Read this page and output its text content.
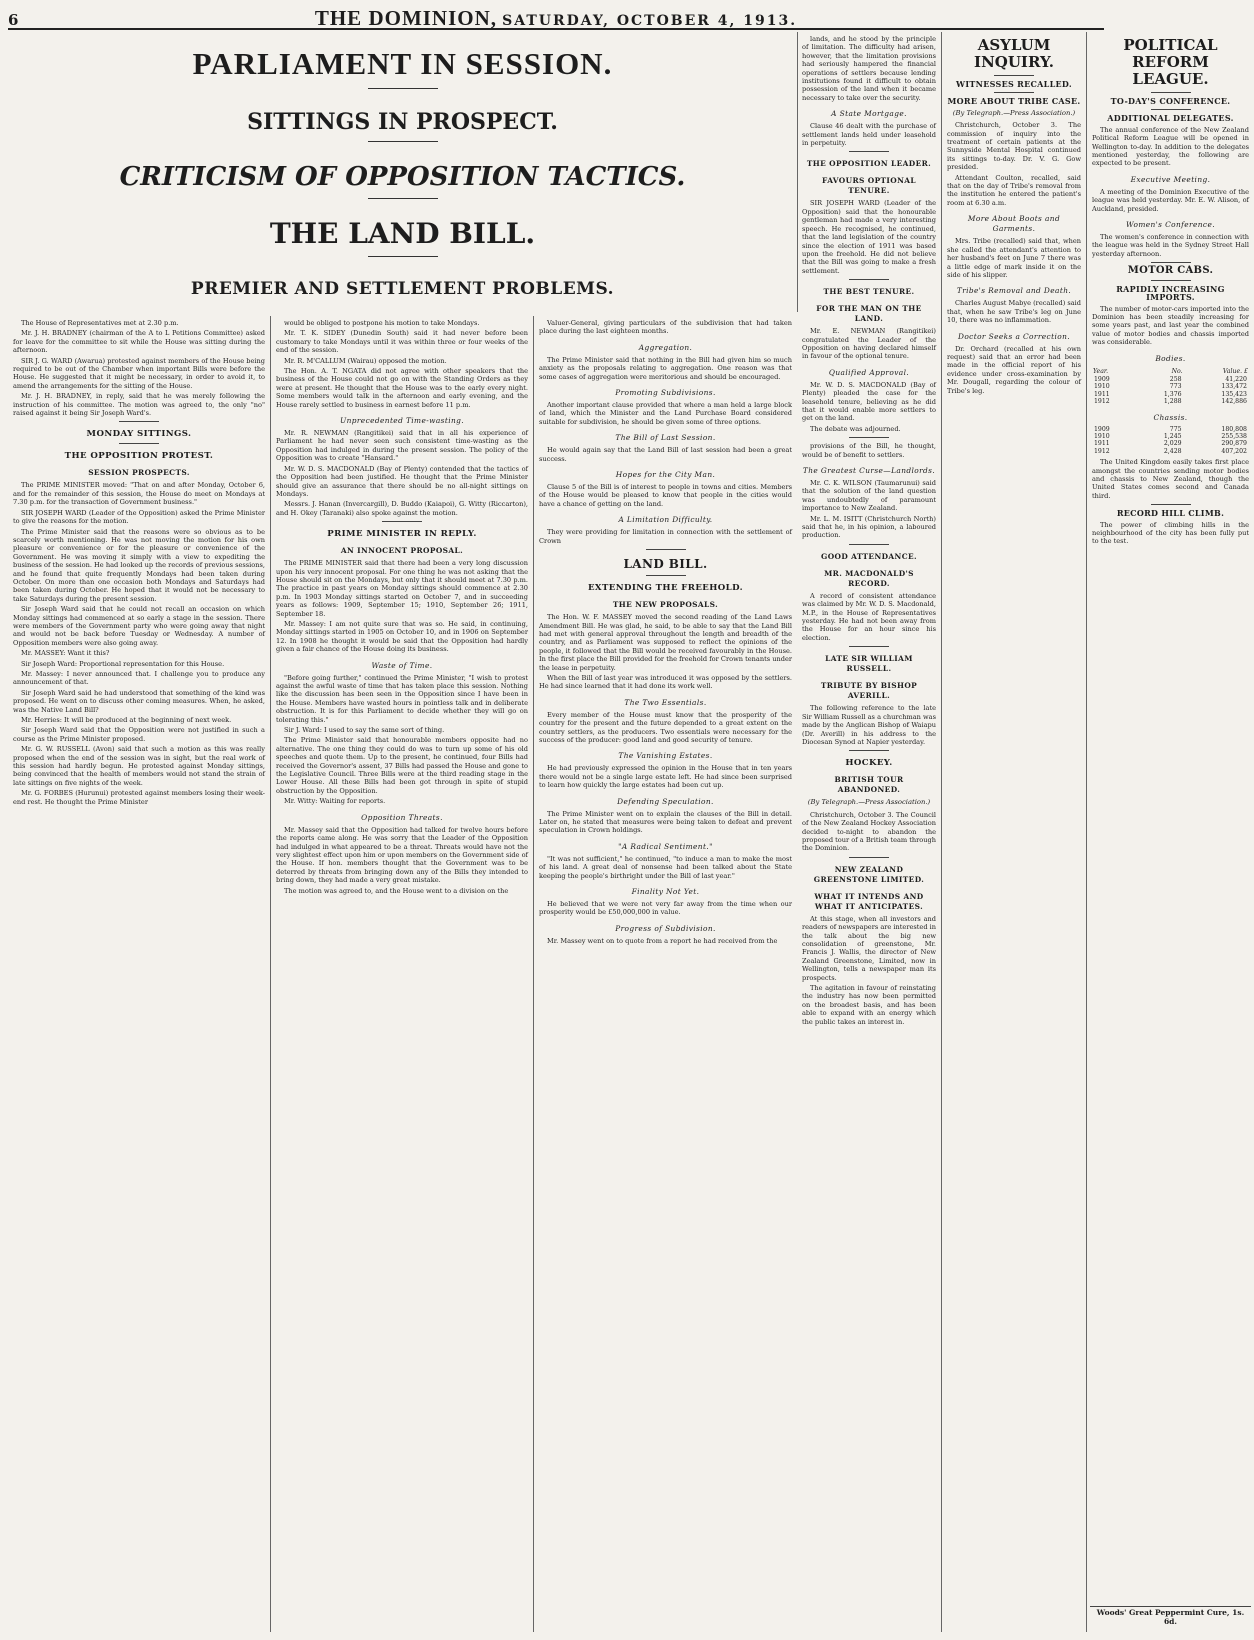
6	THE DOMINION, SATURDAY, OCTOBER 4, 1913.
PARLIAMENT IN SESSION.
SITTINGS IN PROSPECT.
CRITICISM OF OPPOSITION TACTICS.
THE LAND BILL.
PREMIER AND SETTLEMENT PROBLEMS.

The House of Representatives met at 2.30 p.m.

Mr. J. H. BRADNEY (chairman of the A to L Petitions Committee) asked for leave for the committee to sit while the House was sitting during the afternoon.

SIR J. G. WARD (Awarua) protested against members of the House being required to be out of the Chamber when important Bills were before the House. He suggested that it might be necessary, in order to avoid it, to amend the arrangements for the sitting of the House.

Mr. J. H. BRADNEY, in reply, said that he was merely following the instruction of his committee. The motion was agreed to, the only "no" raised against it being Sir Joseph Ward's.

MONDAY SITTINGS.
THE OPPOSITION PROTEST.
SESSION PROSPECTS.

The PRIME MINISTER moved: "That on and after Monday, October 6, and for the remainder of this session, the House do meet on Mondays at 7.30 p.m. for the transaction of Government business."

SIR JOSEPH WARD (Leader of the Opposition) asked the Prime Minister to give the reasons for the motion.

The Prime Minister said that the reasons were so obvious as to be scarcely worth mentioning. He was not moving the motion for his own pleasure or convenience or for the pleasure or convenience of the Government. He was moving it simply with a view to expediting the business of the session. He had looked up the records of previous sessions, and he found that quite frequently Mondays had been taken during October. On more than one occasion both Mondays and Saturdays had been taken during October. He hoped that it would not be necessary to take Saturdays during the present session.

Sir Joseph Ward said that he could not recall an occasion on which Monday sittings had commenced at so early a stage in the session. There were members of the Government party who were going away that night and would not be back before Tuesday or Wednesday. A number of Opposition members were also going away.

Mr. MASSEY: Want it this?

Sir Joseph Ward: Proportional representation for this House.

Mr. Massey: I never announced that. I challenge you to produce any announcement of that.

Sir Joseph Ward said he had understood that something of the kind was proposed. He went on to discuss other coming measures. When, he asked, was the Native Land Bill?

Mr. Herries: It will be produced at the beginning of next week.

Sir Joseph Ward said that the Opposition were not justified in such a course as the Prime Minister proposed.

Mr. G. W. RUSSELL (Avon) said that such a motion as this was really proposed when the end of the session was in sight, but the real work of this session had hardly begun. He protested against Monday sittings, being convinced that the health of members would not stand the strain of late sittings on five nights of the week.

Mr. G. FORBES (Hurunui) protested against members losing their week-end rest. He thought the Prime Minister

would be obliged to postpone his motion to take Mondays.

Mr. T. K. SIDEY (Dunedin South) said it had never before been customary to take Mondays until it was within three or four weeks of the end of the session.

Mr. R. M'CALLUM (Wairau) opposed the motion.

The Hon. A. T. NGATA did not agree with other speakers that the business of the House could not go on with the Standing Orders as they were at present. He thought that the House was to the early every night. Some members would talk in the afternoon and early evening, and the House rarely settled to business in earnest before 11 p.m.

Unprecedented Time-wasting.

Mr. R. NEWMAN (Rangitikei) said that in all his experience of Parliament he had never seen such consistent time-wasting as the Opposition had indulged in during the present session. The policy of the Opposition was to create "Hansard."

Mr. W. D. S. MACDONALD (Bay of Plenty) contended that the tactics of the Opposition had been justified. He thought that the Prime Minister should give an assurance that there should be no all-night sittings on Mondays.

Messrs. J. Hanan (Invercargill), D. Buddo (Kaiapoi), G. Witty (Riccarton), and H. Okey (Taranaki) also spoke against the motion.

PRIME MINISTER IN REPLY.
AN INNOCENT PROPOSAL.

The PRIME MINISTER said that there had been a very long discussion upon his very innocent proposal. For one thing he was not asking that the House should sit on the Mondays, but only that it should meet at 7.30 p.m. The practice in past years on Monday sittings should commence at 2.30 p.m. In 1903 Monday sittings started on October 7, and in succeeding years as follows: 1909, September 15; 1910, September 26; 1911, September 18.

Mr. Massey: I am not quite sure that was so. He said, in continuing, Monday sittings started in 1905 on October 10, and in 1906 on September 12. In 1908 he thought it would be said that the Opposition had hardly given a fair chance of the House doing its business.

Waste of Time.

"Before going further," continued the Prime Minister, "I wish to protest against the awful waste of time that has taken place this session. Nothing like the discussion has been seen in the Opposition since I have been in the House. Members have wasted hours in pointless talk and in deliberate obstruction. It is for this Parliament to decide whether they will go on tolerating this."

Sir J. Ward: I used to say the same sort of thing.

The Prime Minister said that honourable members opposite had no alternative. The one thing they could do was to turn up some of his old speeches and quote them. Up to the present, he continued, four Bills had received the Governor's assent, 37 Bills had passed the House and gone to the Legislative Council. Three Bills were at the third reading stage in the Lower House. All these Bills had been got through in spite of stupid obstruction by the Opposition.

Mr. Witty: Waiting for reports.

Opposition Threats.

Mr. Massey said that the Opposition had talked for twelve hours before the reports came along. He was sorry that the Leader of the Opposition had indulged in what appeared to be a threat. Threats would have not the very slightest effect upon him or upon members on the Government side of the House. If hon. members thought that the Government was to be deterred by threats from bringing down any of the Bills they intended to bring down, they had made a very great mistake.

The motion was agreed to, and the House went to a division on the

Valuer-General, giving particulars of the subdivision that had taken place during the last eighteen months.

Aggregation.

The Prime Minister said that nothing in the Bill had given him so much anxiety as the proposals relating to aggregation. One reason was that some cases of aggregation were meritorious and should be encouraged.

Promoting Subdivisions.

Another important clause provided that where a man held a large block of land, which the Minister and the Land Purchase Board considered suitable for subdivision, he should be given some of three options.

The Bill of Last Session.

He would again say that the Land Bill of last session had been a great success.

Hopes for the City Man.

Clause 5 of the Bill is of interest to people in towns and cities. Members of the House would be pleased to know that people in the cities would have a chance of getting on the land.

A Limitation Difficulty.

They were providing for limitation in connection with the settlement of Crown

LAND BILL.
EXTENDING THE FREEHOLD.
THE NEW PROPOSALS.

The Hon. W. F. MASSEY moved the second reading of the Land Laws Amendment Bill. He was glad, he said, to be able to say that the Land Bill had met with general approval throughout the length and breadth of the country, and as Parliament was supposed to reflect the opinions of the people, it followed that the Bill would be received favourably in the House. In the first place the Bill provided for the freehold for Crown tenants under the lease in perpetuity.

When the Bill of last year was introduced it was opposed by the settlers. He had since learned that it had done its work well.

The Two Essentials.

Every member of the House must know that the prosperity of the country for the present and the future depended to a great extent on the country settlers, as the producers. Two essentials were necessary for the success of the producer: good land and good security of tenure.

The Vanishing Estates.

He had previously expressed the opinion in the House that in ten years there would not be a single large estate left. He had since been surprised to learn how quickly the large estates had been cut up.

Defending Speculation.

The Prime Minister went on to explain the clauses of the Bill in detail. Later on, he stated that measures were being taken to defeat and prevent speculation in Crown holdings.

"A Radical Sentiment."

"It was not sufficient," he continued, "to induce a man to make the most of his land. A great deal of nonsense had been talked about the State keeping the people's birthright under the Bill of last year."

Finality Not Yet.

He believed that we were not very far away from the time when our prosperity would be £50,000,000 in value.

Progress of Subdivision.

Mr. Massey went on to quote from a report he had received from the

lands, and he stood by the principle of limitation. The difficulty had arisen, however, that the limitation provisions had seriously hampered the financial operations of settlers because lending institutions found it difficult to obtain possession of the land when it became necessary to take over the security.

A State Mortgage.

Clause 46 dealt with the purchase of settlement lands held under leasehold in perpetuity.

THE OPPOSITION LEADER.
FAVOURS OPTIONAL TENURE.

SIR JOSEPH WARD (Leader of the Opposition) said that the honourable gentleman had made a very interesting speech. He recognised, he continued, that the land legislation of the country since the election of 1911 was based upon the freehold. He did not believe that the Bill was going to make a fresh settlement.

THE BEST TENURE.
FOR THE MAN ON THE LAND.

Mr. E. NEWMAN (Rangitikei) congratulated the Leader of the Opposition on having declared himself in favour of the optional tenure.

Qualified Approval.

Mr. W. D. S. MACDONALD (Bay of Plenty) pleaded the case for the leasehold tenure, believing as he did that it would enable more settlers to get on the land.

The debate was adjourned.

provisions of the Bill, he thought, would be of benefit to settlers.

The Greatest Curse—Landlords.

Mr. C. K. WILSON (Taumarunui) said that the solution of the land question was undoubtedly of paramount importance to New Zealand.

Mr. L. M. ISITT (Christchurch North) said that he, in his opinion, a laboured production.

GOOD ATTENDANCE.
MR. MACDONALD'S RECORD.

A record of consistent attendance was claimed by Mr. W. D. S. Macdonald, M.P., in the House of Representatives yesterday. He had not been away from the House for an hour since his election.

LATE SIR WILLIAM RUSSELL.
TRIBUTE BY BISHOP AVERILL.

The following reference to the late Sir William Russell as a churchman was made by the Anglican Bishop of Waiapu (Dr. Averill) in his address to the Diocesan Synod at Napier yesterday.

HOCKEY.
BRITISH TOUR ABANDONED.
(By Telegraph.—Press Association.)

Christchurch, October 3. The Council of the New Zealand Hockey Association decided to-night to abandon the proposed tour of a British team through the Dominion.

NEW ZEALAND GREENSTONE LIMITED.
WHAT IT INTENDS AND WHAT IT ANTICIPATES.

At this stage, when all investors and readers of newspapers are interested in the talk about the big new consolidation of greenstone, Mr. Francis J. Wallis, the director of New Zealand Greenstone, Limited, now in Wellington, tells a newspaper man its prospects.

The agitation in favour of reinstating the industry has now been permitted on the broadest basis, and has been able to expand with an energy which the public takes an interest in.

ASYLUM INQUIRY.
WITNESSES RECALLED.
MORE ABOUT TRIBE CASE.
(By Telegraph.—Press Association.)

Christchurch, October 3. The commission of inquiry into the treatment of certain patients at the Sunnyside Mental Hospital continued its sittings to-day. Dr. V. G. Gow presided.

Attendant Coulton, recalled, said that on the day of Tribe's removal from the institution he entered the patient's room at 6.30 a.m.

More About Boots and Garments.

Mrs. Tribe (recalled) said that, when she called the attendant's attention to her husband's feet on June 7 there was a little edge of mark inside it on the side of his slipper.

Tribe's Removal and Death.

Charles August Mabye (recalled) said that, when he saw Tribe's leg on June 10, there was no inflammation.

Doctor Seeks a Correction.

Dr. Orchard (recalled at his own request) said that an error had been made in the official report of his evidence under cross-examination by Mr. Dougall, regarding the colour of Tribe's leg.

POLITICAL REFORM LEAGUE.
TO-DAY'S CONFERENCE.
ADDITIONAL DELEGATES.

The annual conference of the New Zealand Political Reform League will be opened in Wellington to-day. In addition to the delegates mentioned yesterday, the following are expected to be present.

Executive Meeting.

A meeting of the Dominion Executive of the league was held yesterday. Mr. E. W. Alison, of Auckland, presided.

Women's Conference.

The women's conference in connection with the league was held in the Sydney Street Hall yesterday afternoon.

MOTOR CABS.
RAPIDLY INCREASING IMPORTS.

The number of motor-cars imported into the Dominion has been steadily increasing for some years past, and last year the combined value of motor bodies and chassis imported was considerable.

Bodies.
Year.	No.	Value. £
1909	258	41,220
1910	773	133,472
1911	1,376	135,423
1912	1,288	142,886
Chassis.
1909	775	180,808
1910	1,245	255,538
1911	2,029	290,879
1912	2,428	407,202

The United Kingdom easily takes first place amongst the countries sending motor bodies and chassis to New Zealand, though the United States comes second and Canada third.

RECORD HILL CLIMB.

The power of climbing hills in the neighbourhood of the city has been fully put to the test.

Woods' Great Peppermint Cure, 1s. 6d.
